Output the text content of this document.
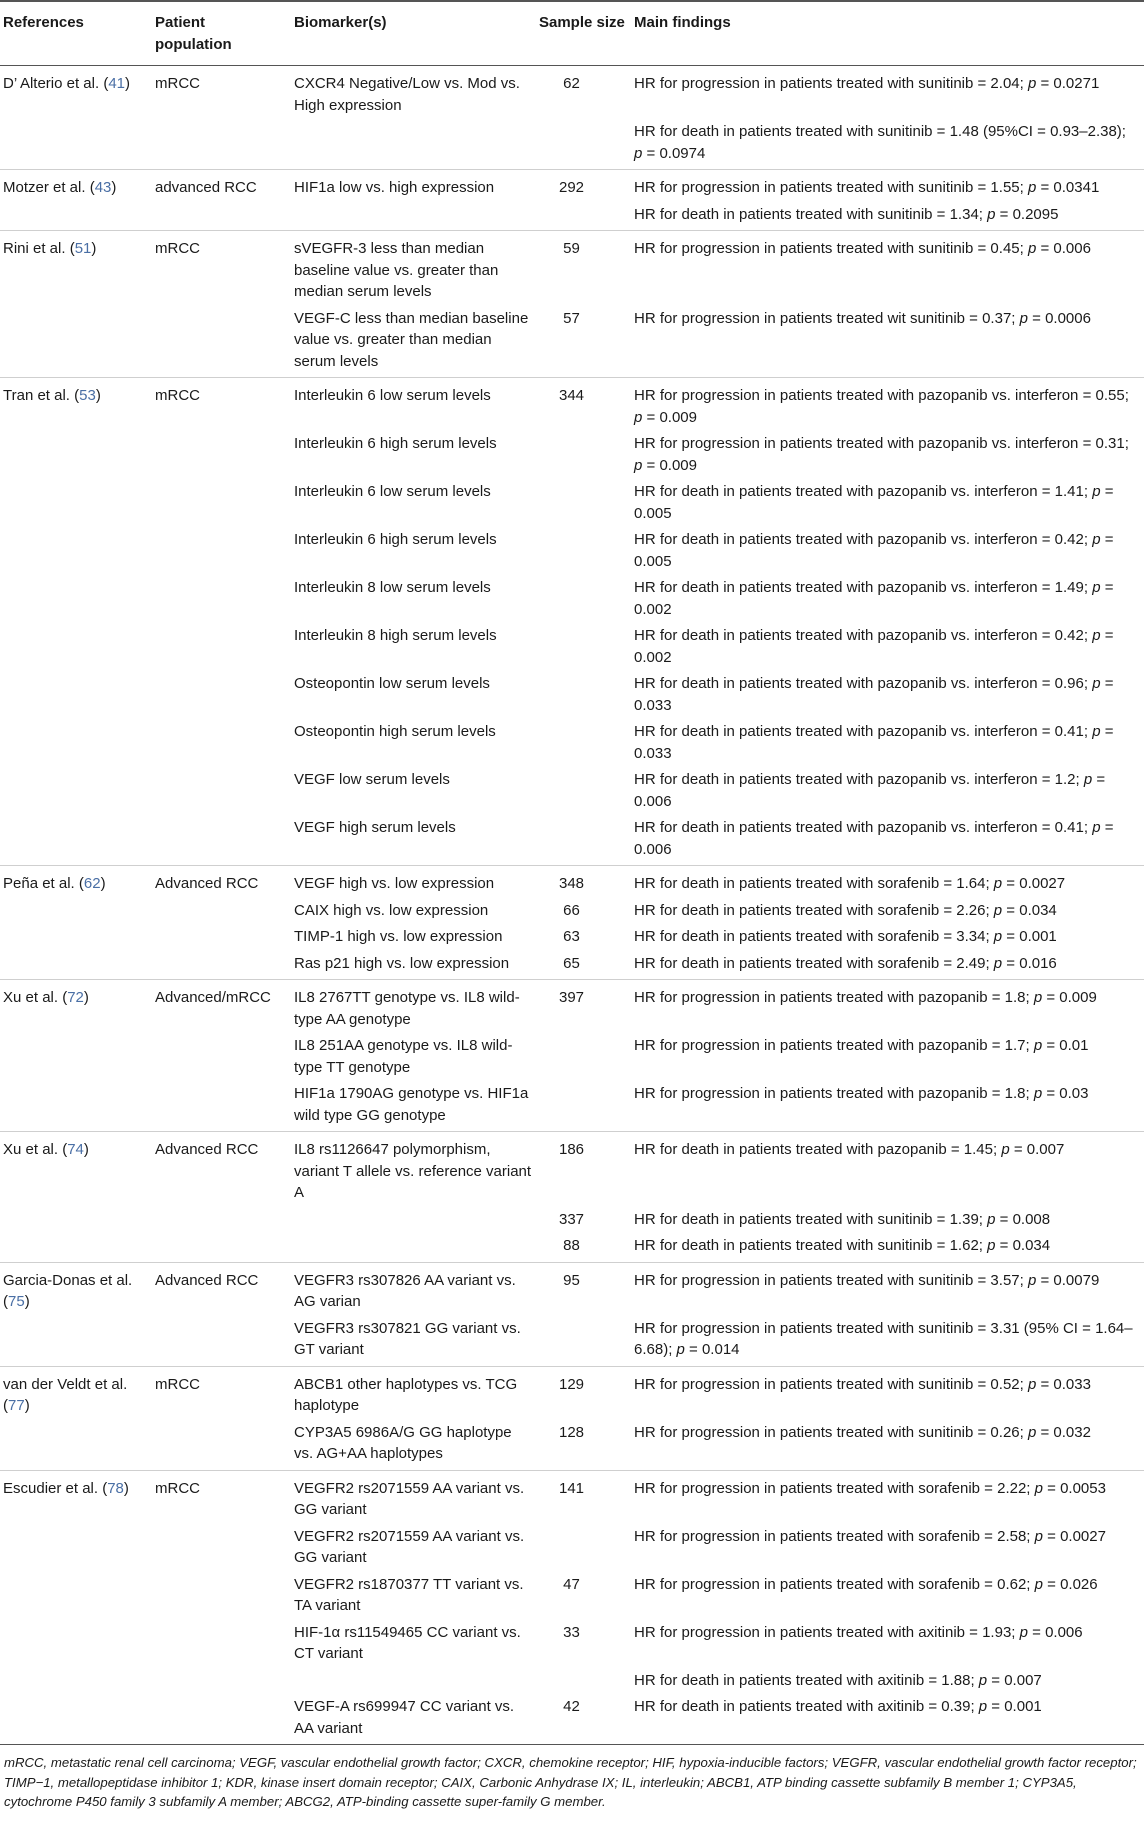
References	Patient population	Biomarker(s)	Sample size	Main findings
D’ Alterio et al. (41)	mRCC	CXCR4 Negative/Low vs. Mod vs. High expression	62	HR for progression in patients treated with sunitinib = 2.04; p = 0.0271
				HR for death in patients treated with sunitinib = 1.48 (95%CI = 0.93–2.38); p = 0.0974
Motzer et al. (43)	advanced RCC	HIF1a low vs. high expression	292	HR for progression in patients treated with sunitinib = 1.55; p = 0.0341
				HR for death in patients treated with sunitinib = 1.34; p = 0.2095
Rini et al. (51)	mRCC	sVEGFR-3 less than median baseline value vs. greater than median serum levels	59	HR for progression in patients treated with sunitinib = 0.45; p = 0.006
		VEGF-C less than median baseline value vs. greater than median serum levels	57	HR for progression in patients treated wit sunitinib = 0.37; p = 0.0006
Tran et al. (53)	mRCC	Interleukin 6 low serum levels	344	HR for progression in patients treated with pazopanib vs. interferon = 0.55; p = 0.009
		Interleukin 6 high serum levels		HR for progression in patients treated with pazopanib vs. interferon = 0.31; p = 0.009
		Interleukin 6 low serum levels		HR for death in patients treated with pazopanib vs. interferon = 1.41; p = 0.005
		Interleukin 6 high serum levels		HR for death in patients treated with pazopanib vs. interferon = 0.42; p = 0.005
		Interleukin 8 low serum levels		HR for death in patients treated with pazopanib vs. interferon = 1.49; p = 0.002
		Interleukin 8 high serum levels		HR for death in patients treated with pazopanib vs. interferon = 0.42; p = 0.002
		Osteopontin low serum levels		HR for death in patients treated with pazopanib vs. interferon = 0.96; p = 0.033
		Osteopontin high serum levels		HR for death in patients treated with pazopanib vs. interferon = 0.41; p = 0.033
		VEGF low serum levels		HR for death in patients treated with pazopanib vs. interferon = 1.2; p = 0.006
		VEGF high serum levels		HR for death in patients treated with pazopanib vs. interferon = 0.41; p = 0.006
Peña et al. (62)	Advanced RCC	VEGF high vs. low expression	348	HR for death in patients treated with sorafenib = 1.64; p = 0.0027
		CAIX high vs. low expression	66	HR for death in patients treated with sorafenib = 2.26; p = 0.034
		TIMP-1 high vs. low expression	63	HR for death in patients treated with sorafenib = 3.34; p = 0.001
		Ras p21 high vs. low expression	65	HR for death in patients treated with sorafenib = 2.49; p = 0.016
Xu et al. (72)	Advanced/mRCC	IL8 2767TT genotype vs. IL8 wild-type AA genotype	397	HR for progression in patients treated with pazopanib = 1.8; p = 0.009
		IL8 251AA genotype vs. IL8 wild-type TT genotype		HR for progression in patients treated with pazopanib = 1.7; p = 0.01
		HIF1a 1790AG genotype vs. HIF1a wild type GG genotype		HR for progression in patients treated with pazopanib = 1.8; p = 0.03
Xu et al. (74)	Advanced RCC	IL8 rs1126647 polymorphism, variant T allele vs. reference variant A	186	HR for death in patients treated with pazopanib = 1.45; p = 0.007
			337	HR for death in patients treated with sunitinib = 1.39; p = 0.008
			88	HR for death in patients treated with sunitinib = 1.62; p = 0.034
Garcia-Donas et al. (75)	Advanced RCC	VEGFR3 rs307826 AA variant vs. AG varian	95	HR for progression in patients treated with sunitinib = 3.57; p = 0.0079
		VEGFR3 rs307821 GG variant vs. GT variant		HR for progression in patients treated with sunitinib = 3.31 (95% CI = 1.64–6.68); p = 0.014
van der Veldt et al. (77)	mRCC	ABCB1 other haplotypes vs. TCG haplotype	129	HR for progression in patients treated with sunitinib = 0.52; p = 0.033
		CYP3A5 6986A/G GG haplotype vs. AG+AA haplotypes	128	HR for progression in patients treated with sunitinib = 0.26; p = 0.032
Escudier et al. (78)	mRCC	VEGFR2 rs2071559 AA variant vs. GG variant	141	HR for progression in patients treated with sorafenib = 2.22; p = 0.0053
		VEGFR2 rs2071559 AA variant vs. GG variant		HR for progression in patients treated with sorafenib = 2.58; p = 0.0027
		VEGFR2 rs1870377 TT variant vs. TA variant	47	HR for progression in patients treated with sorafenib = 0.62; p = 0.026
		HIF-1α rs11549465 CC variant vs. CT variant	33	HR for progression in patients treated with axitinib = 1.93; p = 0.006
				HR for death in patients treated with axitinib = 1.88; p = 0.007
		VEGF-A rs699947 CC variant vs. AA variant	42	HR for death in patients treated with axitinib = 0.39; p = 0.001
mRCC, metastatic renal cell carcinoma; VEGF, vascular endothelial growth factor; CXCR, chemokine receptor; HIF, hypoxia-inducible factors; VEGFR, vascular endothelial growth factor receptor; TIMP−1, metallopeptidase inhibitor 1; KDR, kinase insert domain receptor; CAIX, Carbonic Anhydrase IX; IL, interleukin; ABCB1, ATP binding cassette subfamily B member 1; CYP3A5, cytochrome P450 family 3 subfamily A member; ABCG2, ATP-binding cassette super-family G member.
